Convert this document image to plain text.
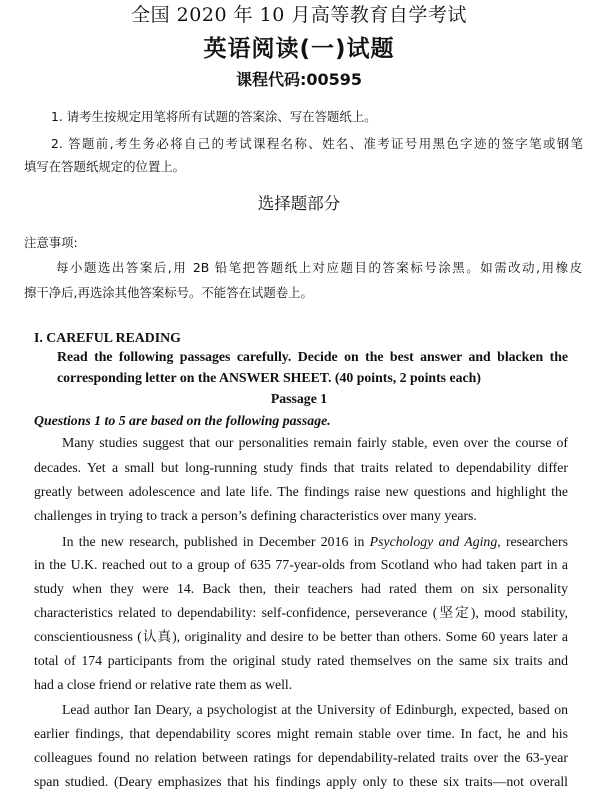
全国 2020 年 10 月高等教育自学考试
英语阅读(一)试题
课程代码:00595
1. 请考生按规定用笔将所有试题的答案涂、写在答题纸上。
2. 答题前,考生务必将自己的考试课程名称、姓名、准考证号用黑色字迹的签字笔或钢笔
填写在答题纸规定的位置上。
选择题部分
注意事项:
每小题选出答案后,用 2B 铅笔把答题纸上对应题目的答案标号涂黑。如需改动,用橡皮
擦干净后,再选涂其他答案标号。不能答在试题卷上。
I. CAREFUL READING
Read the following passages carefully. Decide on the best answer and blacken the
corresponding letter on the ANSWER SHEET. (40 points, 2 points each)
Passage 1
Questions 1 to 5 are based on the following passage.
Many studies suggest that our personalities remain fairly stable, even over the course of
decades. Yet a small but long-running study finds that traits related to dependability differ
greatly between adolescence and late life. The findings raise new questions and highlight the
challenges in trying to track a person’s defining characteristics over many years.
In the new research, published in December 2016 in Psychology and Aging, researchers
in the U.K. reached out to a group of 635 77-year-olds from Scotland who had taken part in a
study when they were 14. Back then, their teachers had rated them on six personality
characteristics related to dependability: self-confidence, perseverance (坚定), mood stability,
conscientiousness (认真), originality and desire to be better than others. Some 60 years later a
total of 174 participants from the original study rated themselves on the same six traits and
had a close friend or relative rate them as well.
Lead author Ian Deary, a psychologist at the University of Edinburgh, expected, based on
earlier findings, that dependability scores might remain stable over time. In fact, he and his
colleagues found no relation between ratings for dependability-related traits over the 63-year
span studied. (Deary emphasizes that his findings apply only to these six traits—not overall
